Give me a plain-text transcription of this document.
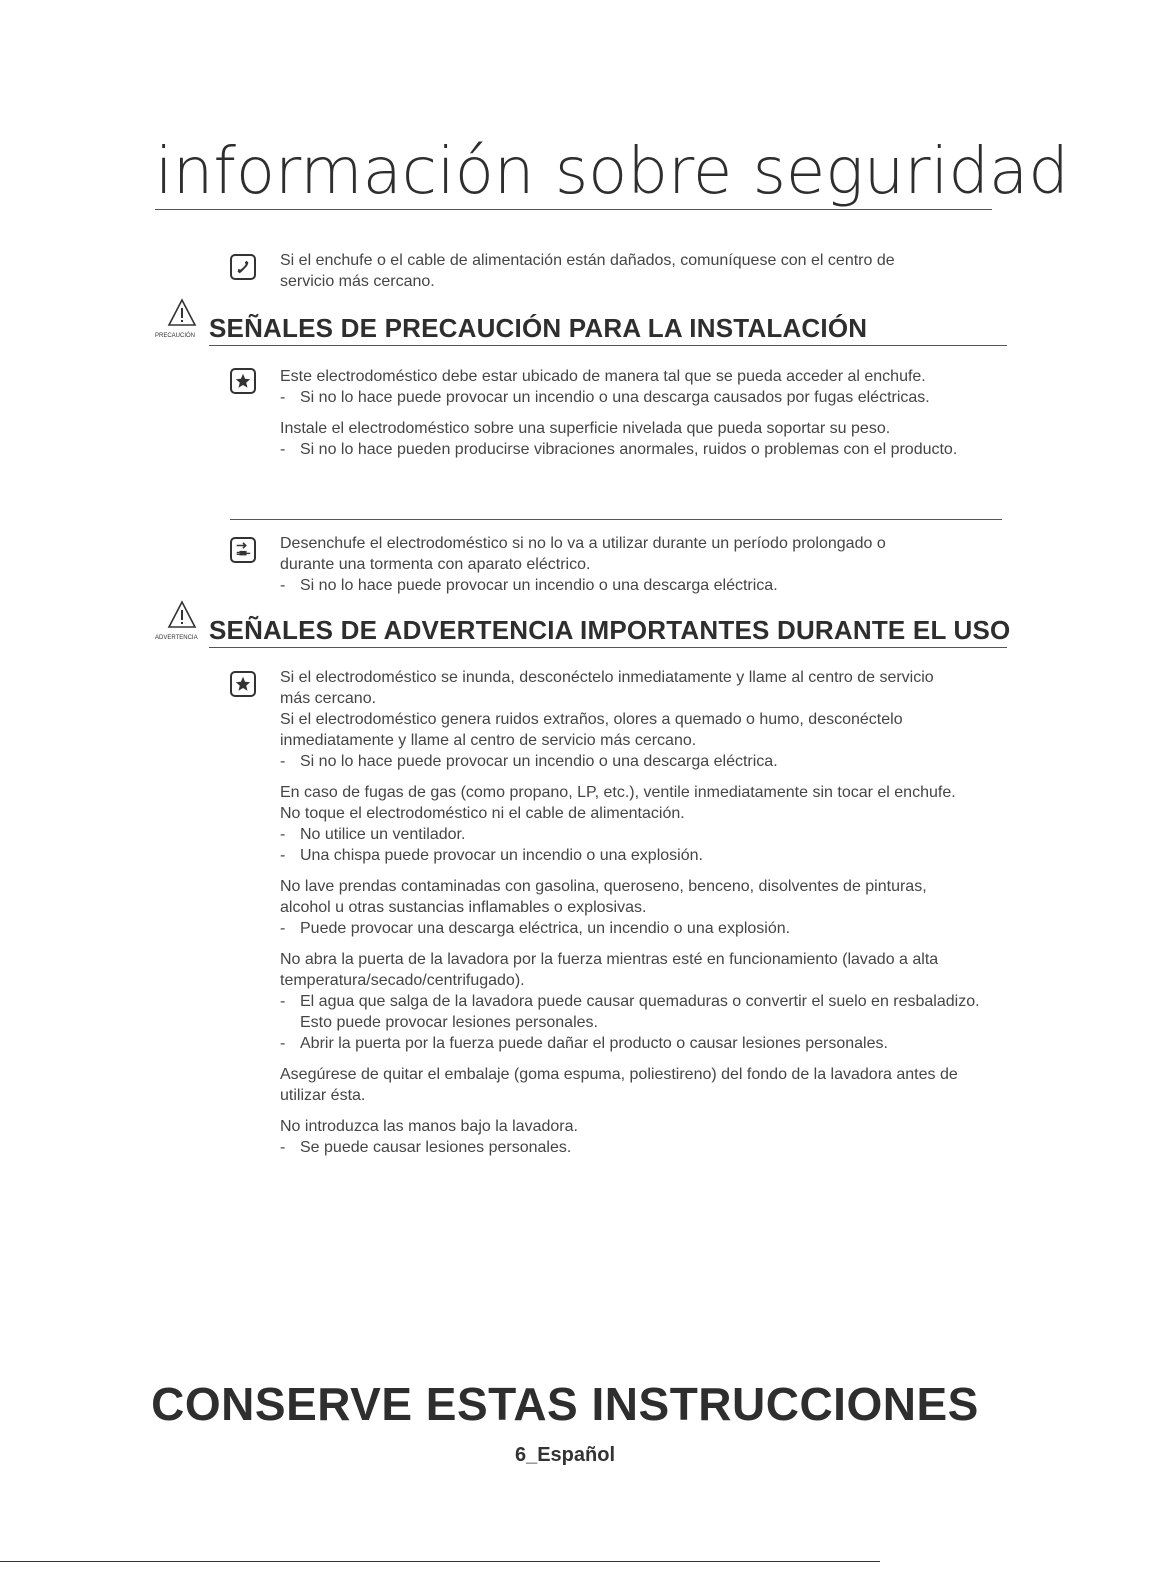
información sobre seguridad

Si el enchufe o el cable de alimentación están dañados, comuníquese con el centro de servicio más cercano.

PRECAUCIÓN SEÑALES DE PRECAUCIÓN PARA LA INSTALACIÓN

Este electrodoméstico debe estar ubicado de manera tal que se pueda acceder al enchufe.

- Si no lo hace puede provocar un incendio o una descarga causados por fugas eléctricas.

Instale el electrodoméstico sobre una superficie nivelada que pueda soportar su peso.

- Si no lo hace pueden producirse vibraciones anormales, ruidos o problemas con el producto.

Desenchufe el electrodoméstico si no lo va a utilizar durante un período prolongado o durante una tormenta con aparato eléctrico.

- Si no lo hace puede provocar un incendio o una descarga eléctrica.

ADVERTENCIA SEÑALES DE ADVERTENCIA IMPORTANTES DURANTE EL USO

Si el electrodoméstico se inunda, desconéctelo inmediatamente y llame al centro de servicio más cercano.

Si el electrodoméstico genera ruidos extraños, olores a quemado o humo, desconéctelo inmediatamente y llame al centro de servicio más cercano.

- Si no lo hace puede provocar un incendio o una descarga eléctrica.

En caso de fugas de gas (como propano, LP, etc.), ventile inmediatamente sin tocar el enchufe. No toque el electrodoméstico ni el cable de alimentación.

- No utilice un ventilador.

- Una chispa puede provocar un incendio o una explosión.

No lave prendas contaminadas con gasolina, queroseno, benceno, disolventes de pinturas, alcohol u otras sustancias inflamables o explosivas.

- Puede provocar una descarga eléctrica, un incendio o una explosión.

No abra la puerta de la lavadora por la fuerza mientras esté en funcionamiento (lavado a alta temperatura/secado/centrifugado).

- El agua que salga de la lavadora puede causar quemaduras o convertir el suelo en resbaladizo.

Esto puede provocar lesiones personales.

- Abrir la puerta por la fuerza puede dañar el producto o causar lesiones personales.

Asegúrese de quitar el embalaje (goma espuma, poliestireno) del fondo de la lavadora antes de utilizar ésta.

No introduzca las manos bajo la lavadora.

- Se puede causar lesiones personales.

CONSERVE ESTAS INSTRUCCIONES
6_Español
